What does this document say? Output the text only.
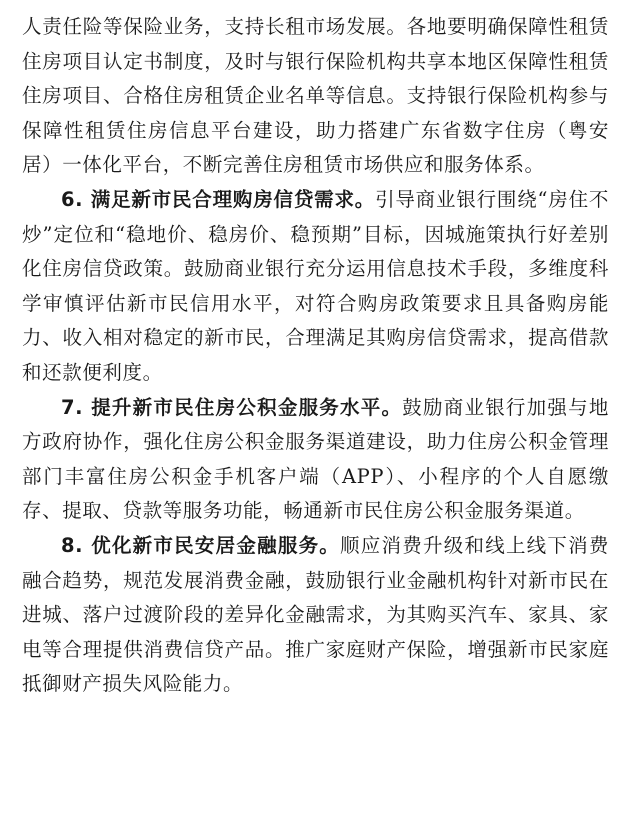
人责任险等保险业务，支持长租市场发展。各地要明确保障性租赁住房项目认定书制度，及时与银行保险机构共享本地区保障性租赁住房项目、合格住房租赁企业名单等信息。支持银行保险机构参与保障性租赁住房信息平台建设，助力搭建广东省数字住房（粤安居）一体化平台，不断完善住房租赁市场供应和服务体系。

6. 满足新市民合理购房信贷需求。引导商业银行围绕“房住不炒”定位和“稳地价、稳房价、稳预期”目标，因城施策执行好差别化住房信贷政策。鼓励商业银行充分运用信息技术手段，多维度科学审慎评估新市民信用水平，对符合购房政策要求且具备购房能力、收入相对稳定的新市民，合理满足其购房信贷需求，提高借款和还款便利度。

7. 提升新市民住房公积金服务水平。鼓励商业银行加强与地方政府协作，强化住房公积金服务渠道建设，助力住房公积金管理部门丰富住房公积金手机客户端（APP）、小程序的个人自愿缴存、提取、贷款等服务功能，畅通新市民住房公积金服务渠道。

8. 优化新市民安居金融服务。顺应消费升级和线上线下消费融合趋势，规范发展消费金融，鼓励银行业金融机构针对新市民在进城、落户过渡阶段的差异化金融需求，为其购买汽车、家具、家电等合理提供消费信贷产品。推广家庭财产保险，增强新市民家庭抵御财产损失风险能力。
